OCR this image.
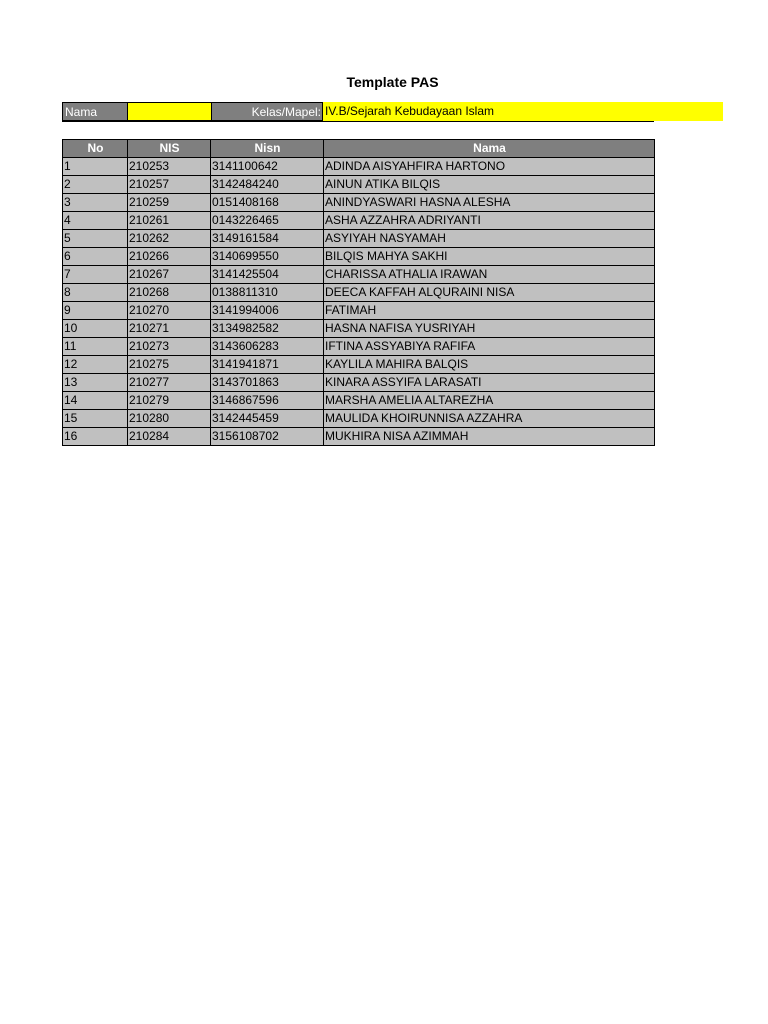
Template PAS
Nama	Kelas/Mapel: IV.B/Sejarah Kebudayaan Islam
No	NIS	Nisn	Nama
1	210253	3141100642	ADINDA AISYAHFIRA HARTONO
2	210257	3142484240	AINUN ATIKA BILQIS
3	210259	0151408168	ANINDYASWARI HASNA ALESHA
4	210261	0143226465	ASHA AZZAHRA ADRIYANTI
5	210262	3149161584	ASYIYAH NASYAMAH
6	210266	3140699550	BILQIS MAHYA SAKHI
7	210267	3141425504	CHARISSA ATHALIA IRAWAN
8	210268	0138811310	DEECA KAFFAH ALQURAINI NISA
9	210270	3141994006	FATIMAH
10	210271	3134982582	HASNA NAFISA YUSRIYAH
11	210273	3143606283	IFTINA ASSYABIYA RAFIFA
12	210275	3141941871	KAYLILA MAHIRA BALQIS
13	210277	3143701863	KINARA ASSYIFA LARASATI
14	210279	3146867596	MARSHA AMELIA ALTAREZHA
15	210280	3142445459	MAULIDA KHOIRUNNISA AZZAHRA
16	210284	3156108702	MUKHIRA NISA AZIMMAH
